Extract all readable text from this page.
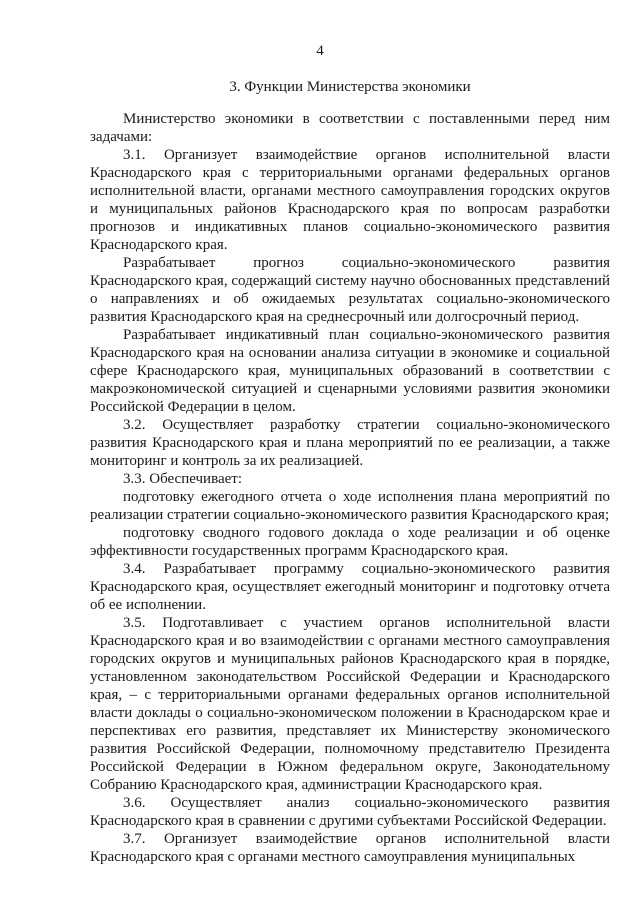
4
3. Функции Министерства экономики

Министерство экономики в соответствии с поставленными перед ним задачами:

3.1. Организует взаимодействие органов исполнительной власти Краснодарского края с территориальными органами федеральных органов исполнительной власти, органами местного самоуправления городских округов и муниципальных районов Краснодарского края по вопросам разработки прогнозов и индикативных планов социально-экономического развития Краснодарского края.

Разрабатывает прогноз социально-экономического развития Краснодарского края, содержащий систему научно обоснованных представлений о направлениях и об ожидаемых результатах социально-экономического развития Краснодарского края на среднесрочный или долгосрочный период.

Разрабатывает индикативный план социально-экономического развития Краснодарского края на основании анализа ситуации в экономике и социальной сфере Краснодарского края, муниципальных образований в соответствии с макроэкономической ситуацией и сценарными условиями развития экономики Российской Федерации в целом.

3.2. Осуществляет разработку стратегии социально-экономического развития Краснодарского края и плана мероприятий по ее реализации, а также мониторинг и контроль за их реализацией.

3.3. Обеспечивает:

подготовку ежегодного отчета о ходе исполнения плана мероприятий по реализации стратегии социально-экономического развития Краснодарского края;

подготовку сводного годового доклада о ходе реализации и об оценке эффективности государственных программ Краснодарского края.

3.4. Разрабатывает программу социально-экономического развития Краснодарского края, осуществляет ежегодный мониторинг и подготовку отчета об ее исполнении.

3.5. Подготавливает с участием органов исполнительной власти Краснодарского края и во взаимодействии с органами местного самоуправления городских округов и муниципальных районов Краснодарского края в порядке, установленном законодательством Российской Федерации и Краснодарского края, – с территориальными органами федеральных органов исполнительной власти доклады о социально-экономическом положении в Краснодарском крае и перспективах его развития, представляет их Министерству экономического развития Российской Федерации, полномочному представителю Президента Российской Федерации в Южном федеральном округе, Законодательному Собранию Краснодарского края, администрации Краснодарского края.

3.6. Осуществляет анализ социально-экономического развития Краснодарского края в сравнении с другими субъектами Российской Федерации.

3.7. Организует взаимодействие органов исполнительной власти Краснодарского края с органами местного самоуправления муниципальных
